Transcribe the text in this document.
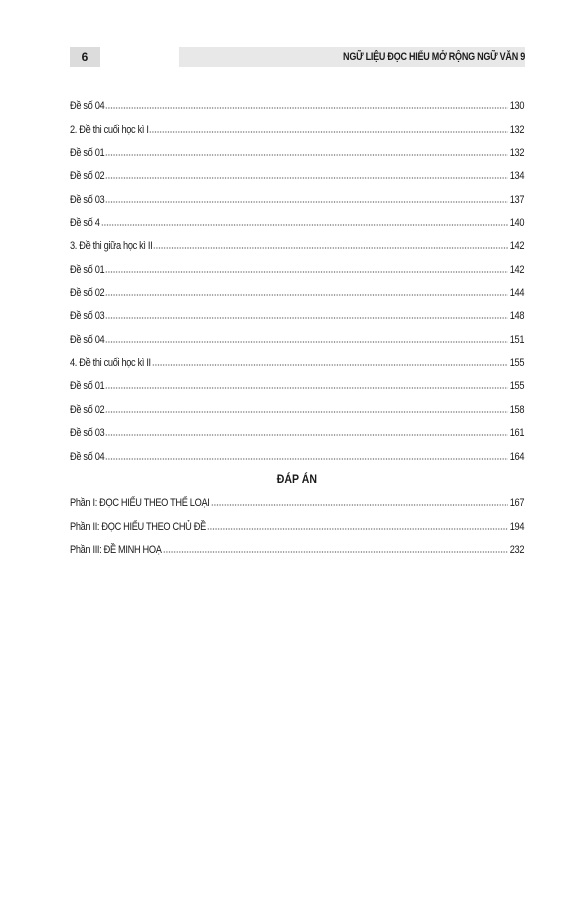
6	NGỮ LIỆU ĐỌC HIỂU MỞ RỘNG NGỮ VĂN 9
Đề số 04	130
2. Đề thi cuối học kì I	132
Đề số 01	132
Đề số 02	134
Đề số 03	137
Đề số 4	140
3. Đề thi giữa học kì II	142
Đề số 01	142
Đề số 02	144
Đề số 03	148
Đề số 04	151
4. Đề thi cuối học kì II	155
Đề số 01	155
Đề số 02	158
Đề số 03	161
Đề số 04	164
ĐÁP ÁN
Phần I: ĐỌC HIỂU THEO THỂ LOẠI	167
Phần II: ĐỌC HIỂU THEO CHỦ ĐỀ	194
Phần III: ĐỀ MINH HOẠ	232
